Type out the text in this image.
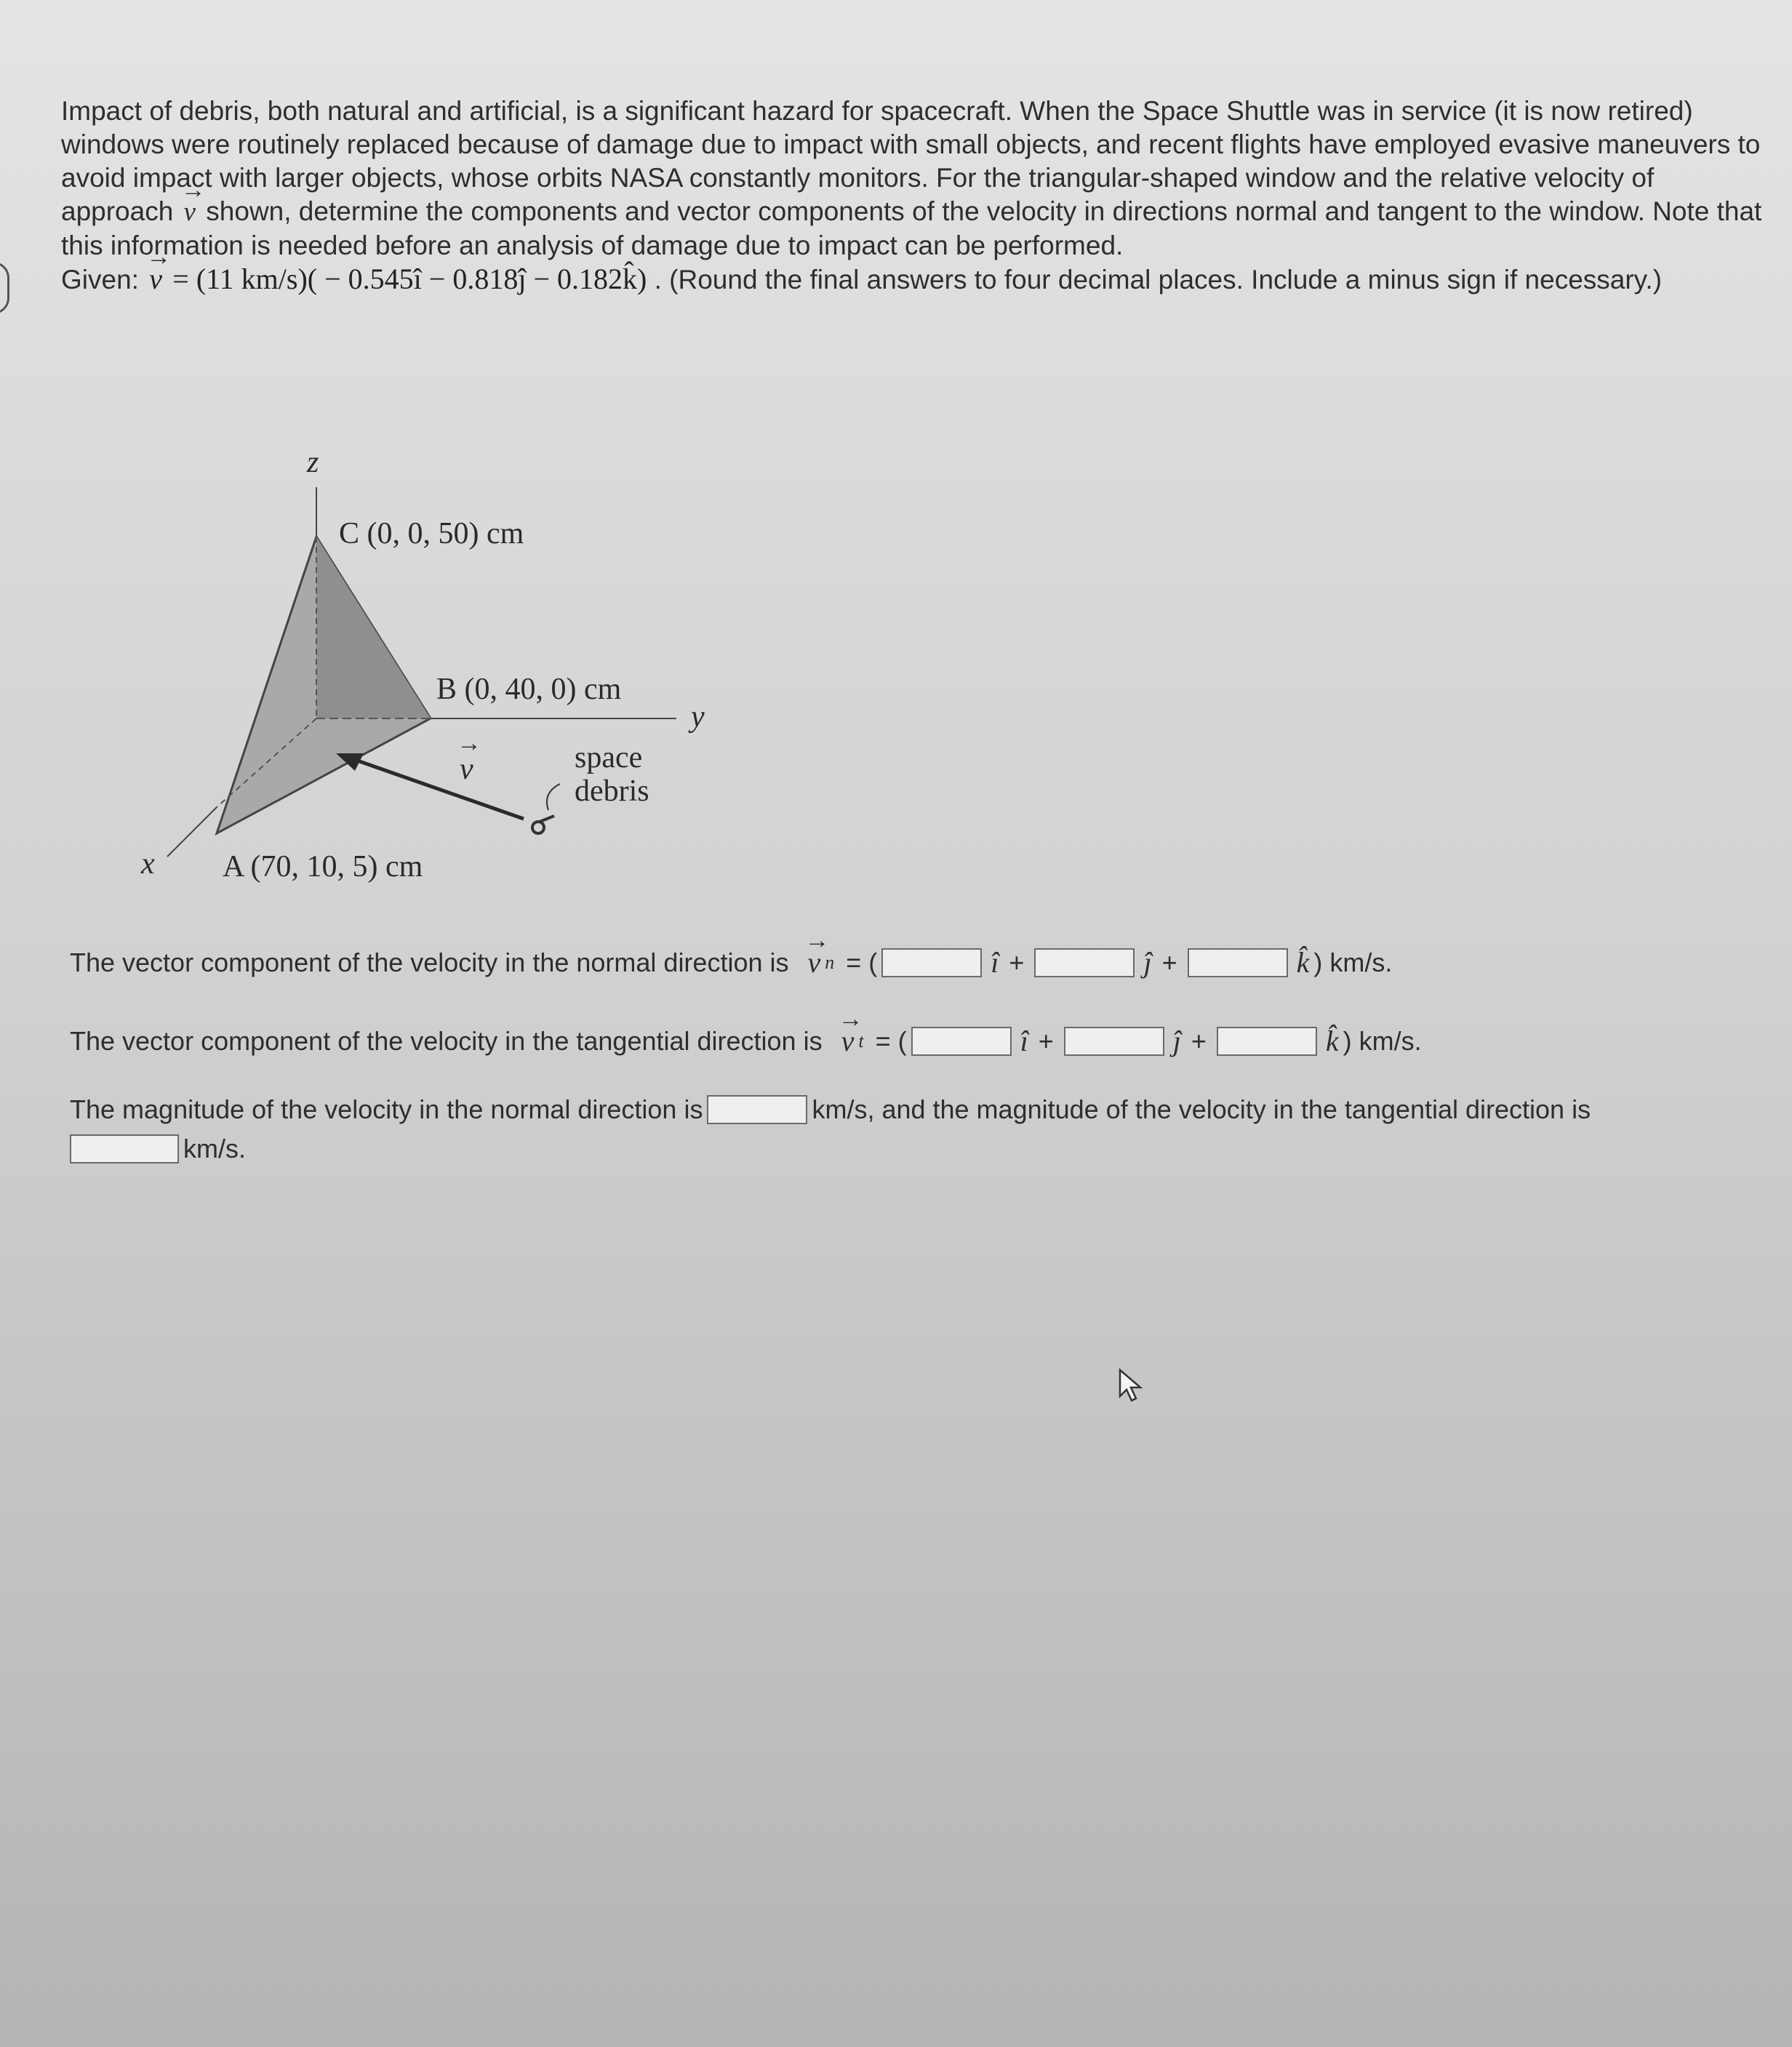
Impact of debris, both natural and artificial, is a significant hazard for spacecraft. When the Space Shuttle was in service (it is now retired) windows were routinely replaced because of damage due to impact with small objects, and recent flights have employed evasive maneuvers to avoid impact with larger objects, whose orbits NASA constantly monitors. For the triangular-shaped window and the relative velocity of approach → v shown, determine the components and vector components of the velocity in directions normal and tangent to the window. Note that this information is needed before an analysis of damage due to impact can be performed.

Given: → v = (11 km/s)( − 0.545î − 0.818ĵ − 0.182k̂) . (Round the final answers to four decimal places. Include a minus sign if necessary.)

z
C (0, 0, 50) cm
B (0, 40, 0) cm
y
→ v	space
debris
x A (70, 10, 5) cm
The vector component of the velocity in the normal direction is → v n = (	î +	ĵ +	k̂ ) km/s.
The vector component of the velocity in the tangential direction is → v t = (	î +	ĵ +	k̂ ) km/s.
The magnitude of the velocity in the normal direction is	km/s, and the magnitude of the velocity in the tangential direction is
km/s.
